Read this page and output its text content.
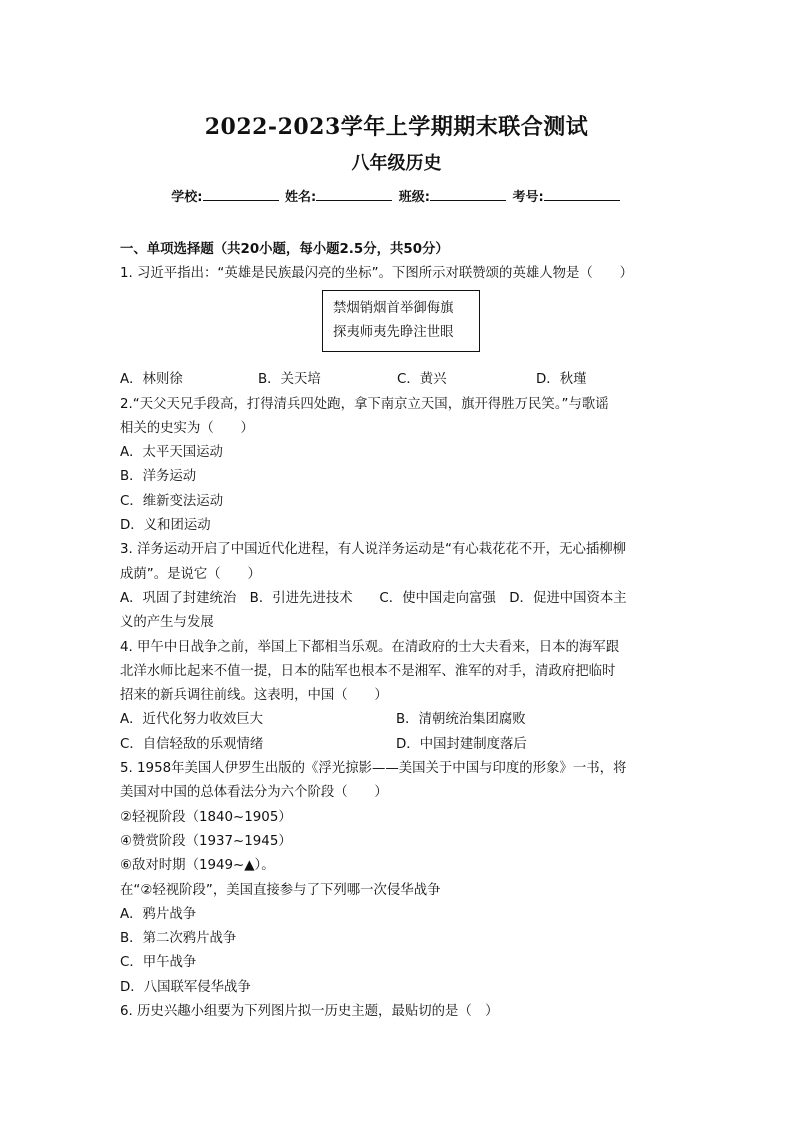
2022-2023学年上学期期末联合测试
八年级历史
学校:	姓名:	班级:	考号:
一、单项选择题（共20小题，每小题2.5分，共50分）
1. 习近平指出：“英雄是民族最闪亮的坐标”。下图所示对联赞颂的英雄人物是（　　）
禁烟销烟首举御侮旗
探夷师夷先睁注世眼
A．林则徐	B．关天培	C．黄兴	D．秋瑾
2.“天父天兄手段高，打得清兵四处跑，拿下南京立天国，旗开得胜万民笑。”与歌谣
相关的史实为（　　）
A．太平天国运动
B．洋务运动
C．维新变法运动
D．义和团运动
3. 洋务运动开启了中国近代化进程，有人说洋务运动是“有心栽花花不开，无心插柳柳
成荫”。是说它（　　）
A．巩固了封建统治　B．引进先进技术　　C．使中国走向富强　D．促进中国资本主
义的产生与发展
4. 甲午中日战争之前，举国上下都相当乐观。在清政府的士大夫看来，日本的海军跟
北洋水师比起来不值一提，日本的陆军也根本不是湘军、淮军的对手，清政府把临时
招来的新兵调往前线。这表明，中国（　　）
A．近代化努力收效巨大	B．清朝统治集团腐败
C．自信轻敌的乐观情绪	D．中国封建制度落后
5. 1958年美国人伊罗生出版的《浮光掠影——美国关于中国与印度的形象》一书，将
美国对中国的总体看法分为六个阶段（　　）
②轻视阶段（1840~1905）
④赞赏阶段（1937~1945）
⑥敌对时期（1949~▲）。
在“②轻视阶段”，美国直接参与了下列哪一次侵华战争
A．鸦片战争
B．第二次鸦片战争
C．甲午战争
D．八国联军侵华战争
6. 历史兴趣小组要为下列图片拟一历史主题，最贴切的是（　）
